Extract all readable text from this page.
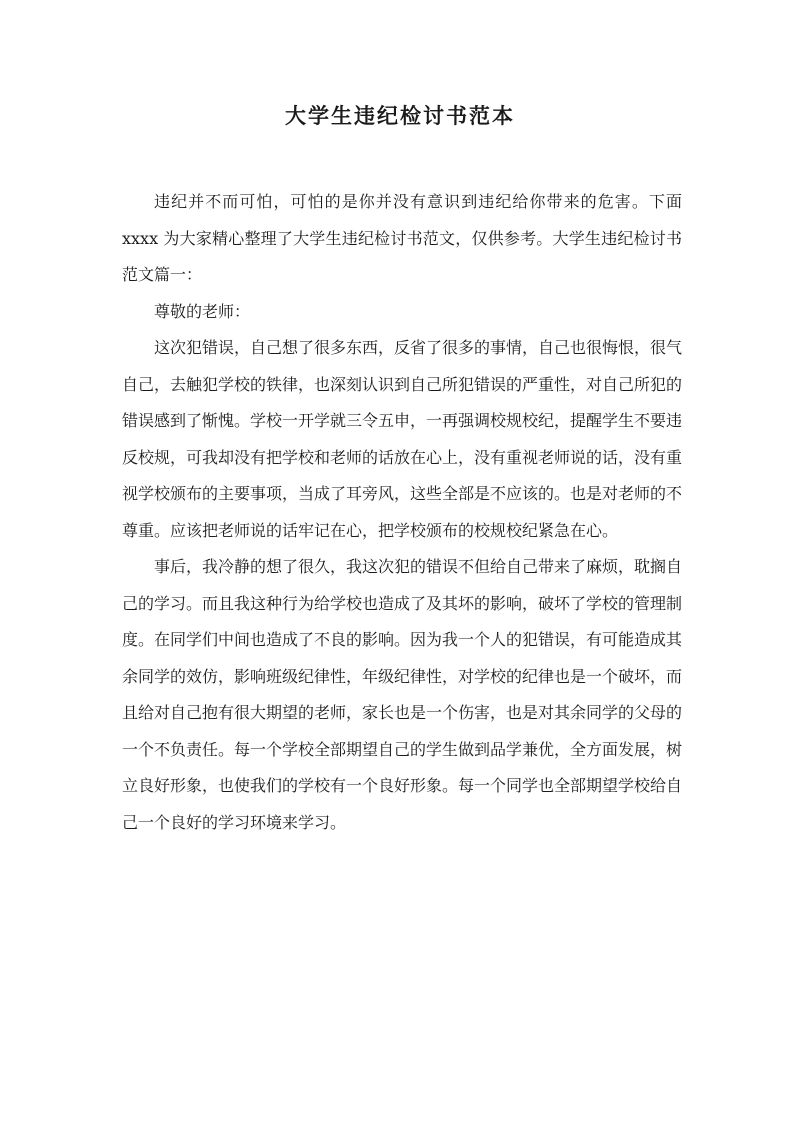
大学生违纪检讨书范本

违纪并不而可怕，可怕的是你并没有意识到违纪给你带来的危害。下面 xxxx 为大家精心整理了大学生违纪检讨书范文，仅供参考。大学生违纪检讨书范文篇一：

尊敬的老师：

这次犯错误，自己想了很多东西，反省了很多的事情，自己也很悔恨，很气自己，去触犯学校的铁律，也深刻认识到自己所犯错误的严重性，对自己所犯的错误感到了惭愧。学校一开学就三令五申，一再强调校规校纪，提醒学生不要违反校规，可我却没有把学校和老师的话放在心上，没有重视老师说的话，没有重视学校颁布的主要事项，当成了耳旁风，这些全部是不应该的。也是对老师的不尊重。应该把老师说的话牢记在心，把学校颁布的校规校纪紧急在心。

事后，我冷静的想了很久，我这次犯的错误不但给自己带来了麻烦，耽搁自己的学习。而且我这种行为给学校也造成了及其坏的影响，破坏了学校的管理制度。在同学们中间也造成了不良的影响。因为我一个人的犯错误，有可能造成其余同学的效仿，影响班级纪律性，年级纪律性，对学校的纪律也是一个破坏，而且给对自己抱有很大期望的老师，家长也是一个伤害，也是对其余同学的父母的一个不负责任。每一个学校全部期望自己的学生做到品学兼优，全方面发展，树立良好形象，也使我们的学校有一个良好形象。每一个同学也全部期望学校给自己一个良好的学习环境来学习。
